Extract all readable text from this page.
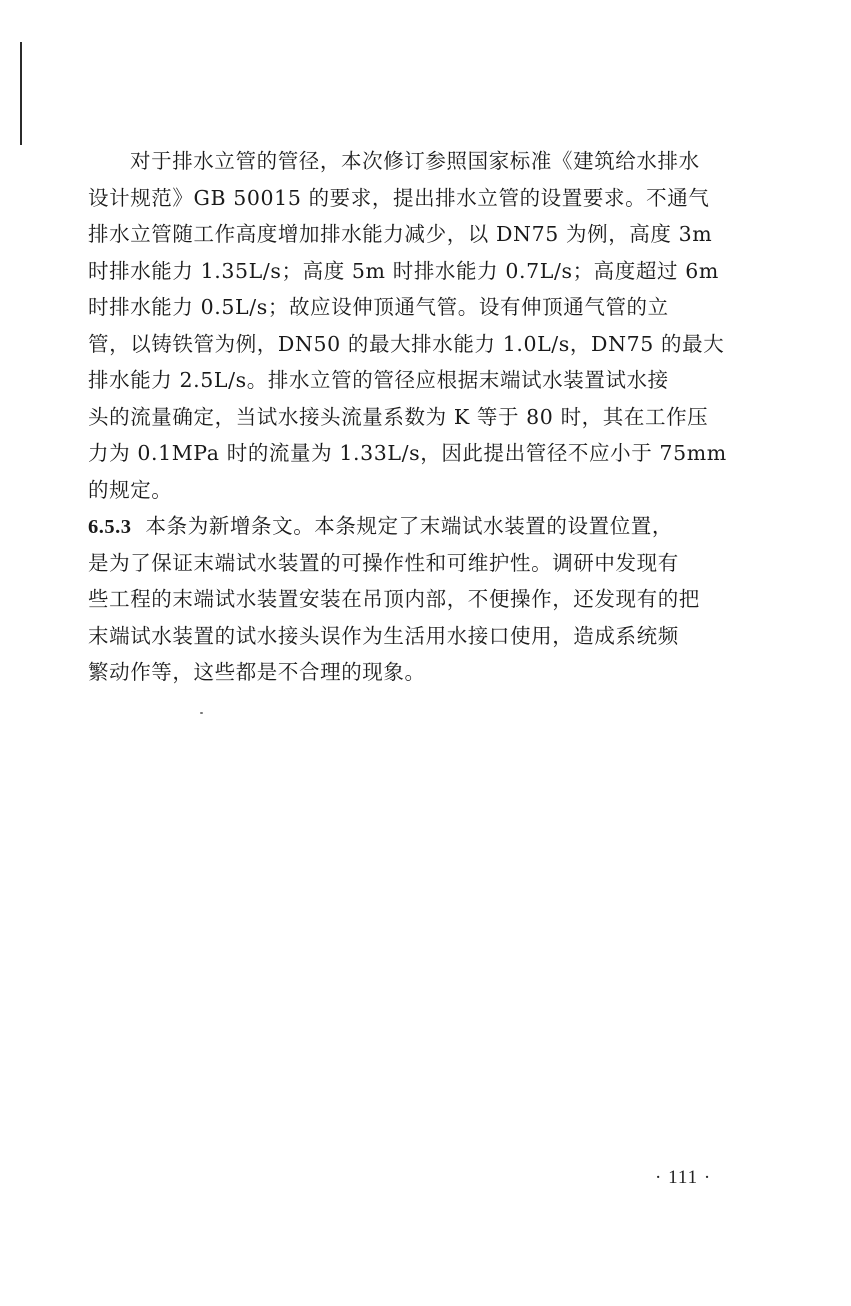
对于排水立管的管径，本次修订参照国家标准《建筑给水排水
设计规范》GB 50015 的要求，提出排水立管的设置要求。不通气
排水立管随工作高度增加排水能力减少，以 DN75 为例，高度 3m
时排水能力 1.35L/s；高度 5m 时排水能力 0.7L/s；高度超过 6m
时排水能力 0.5L/s；故应设伸顶通气管。设有伸顶通气管的立
管，以铸铁管为例，DN50 的最大排水能力 1.0L/s，DN75 的最大
排水能力 2.5L/s。排水立管的管径应根据末端试水装置试水接
头的流量确定，当试水接头流量系数为 K 等于 80 时，其在工作压
力为 0.1MPa 时的流量为 1.33L/s，因此提出管径不应小于 75mm
的规定。
6.5.3 本条为新增条文。本条规定了末端试水装置的设置位置，
是为了保证末端试水装置的可操作性和可维护性。调研中发现有
些工程的末端试水装置安装在吊顶内部，不便操作，还发现有的把
末端试水装置的试水接头误作为生活用水接口使用，造成系统频
繁动作等，这些都是不合理的现象。
· 111 ·
